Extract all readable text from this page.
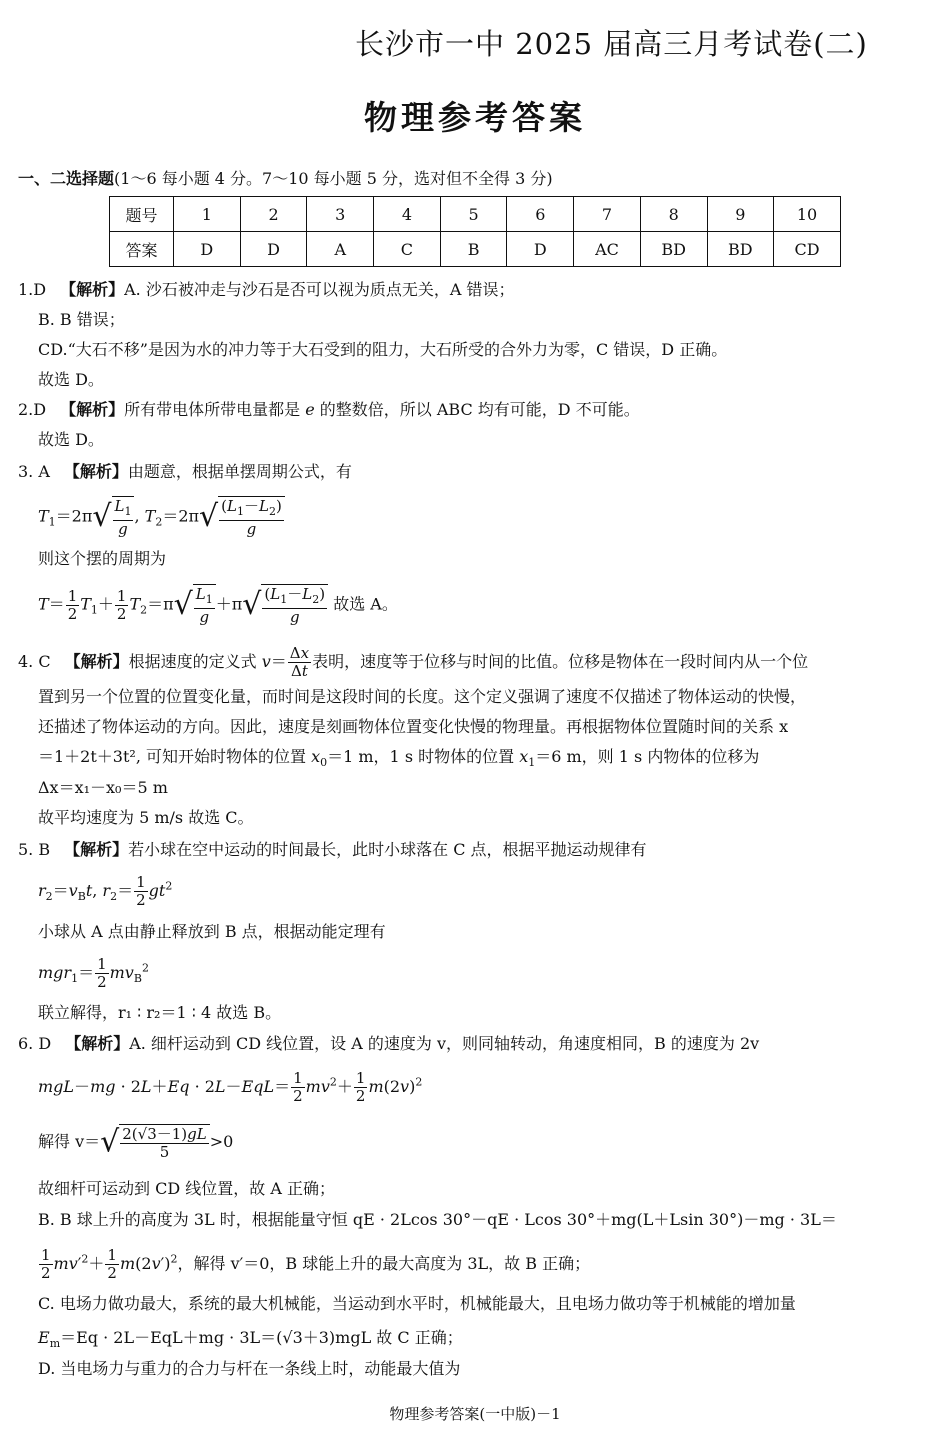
长沙市一中 2025 届高三月考试卷(二)
物理参考答案
一、二选择题(1～6 每小题 4 分。7～10 每小题 5 分，选对但不全得 3 分)
题号	1	2	3	4	5	6	7	8	9	10
答案	D	D	A	C	B	D	AC	BD	BD	CD
1.D 【解析】A. 沙石被冲走与沙石是否可以视为质点无关，A 错误；
B. B 错误；
CD.“大石不移”是因为水的冲力等于大石受到的阻力，大石所受的合外力为零，C 错误，D 正确。
故选 D。
2.D 【解析】所有带电体所带电量都是 e 的整数倍，所以 ABC 均有可能，D 不可能。
故选 D。
3. A 【解析】由题意，根据单摆周期公式，有
$T_1=2\pi√ \frac{L_1}{g}$ , $T_2=2\pi√ \frac{(L_1-L_2)}{g}$
则这个摆的周期为
$T= \frac{1}{2} T_1+ \frac{1}{2} T_2=\pi√ \frac{L_1}{g} +\pi√ \frac{(L_1-L_2)}{g}$ 故选 A。
4. C 【解析】根据速度的定义式 $v= \frac{\Delta x}{\Delta t}$ 表明，速度等于位移与时间的比值。位移是物体在一段时间内从一个位
置到另一个位置的位置变化量，而时间是这段时间的长度。这个定义强调了速度不仅描述了物体运动的快慢，
还描述了物体运动的方向。因此，速度是刻画物体位置变化快慢的物理量。再根据物体位置随时间的关系 x
＝1＋2t＋3t², 可知开始时物体的位置 $x_0=1$ m，1 s 时物体的位置 $x_1=6$ m，则 1 s 内物体的位移为
Δx＝x₁－x₀＝5 m
故平均速度为 5 m/s 故选 C。
5. B 【解析】若小球在空中运动的时间最长，此时小球落在 C 点，根据平抛运动规律有
$r_2=v_Bt$, $r_2= \frac{1}{2} gt^2$
小球从 A 点由静止释放到 B 点，根据动能定理有
$mgr_1= \frac{1}{2} mv_B^2$
联立解得，r₁ ∶ r₂＝1 ∶ 4 故选 B。
6. D 【解析】A. 细杆运动到 CD 线位置，设 A 的速度为 v，则同轴转动，角速度相同，B 的速度为 2v
$mgL-mg \cdot 2L+Eq \cdot 2L-EqL= \frac{1}{2} mv^2+ \frac{1}{2} m(2v)^2$
解得 $v=√ \frac{2(√3-1)gL}{5} >0$
故细杆可运动到 CD 线位置，故 A 正确；
B. B 球上升的高度为 3L 时，根据能量守恒 qE · 2Lcos 30°－qE · Lcos 30°＋mg(L＋Lsin 30°)－mg · 3L＝
$\frac{1}{2} mv'^2+ \frac{1}{2} m(2v')^2$，解得 v′＝0，B 球能上升的最大高度为 3L，故 B 正确；
C. 电场力做功最大，系统的最大机械能，当运动到水平时，机械能最大，且电场力做功等于机械能的增加量
$E_m=Eq \cdot 2L-EqL+mg \cdot 3L=(√3+3)mgL$ 故 C 正确；
D. 当电场力与重力的合力与杆在一条线上时，动能最大值为
物理参考答案(一中版)－1
